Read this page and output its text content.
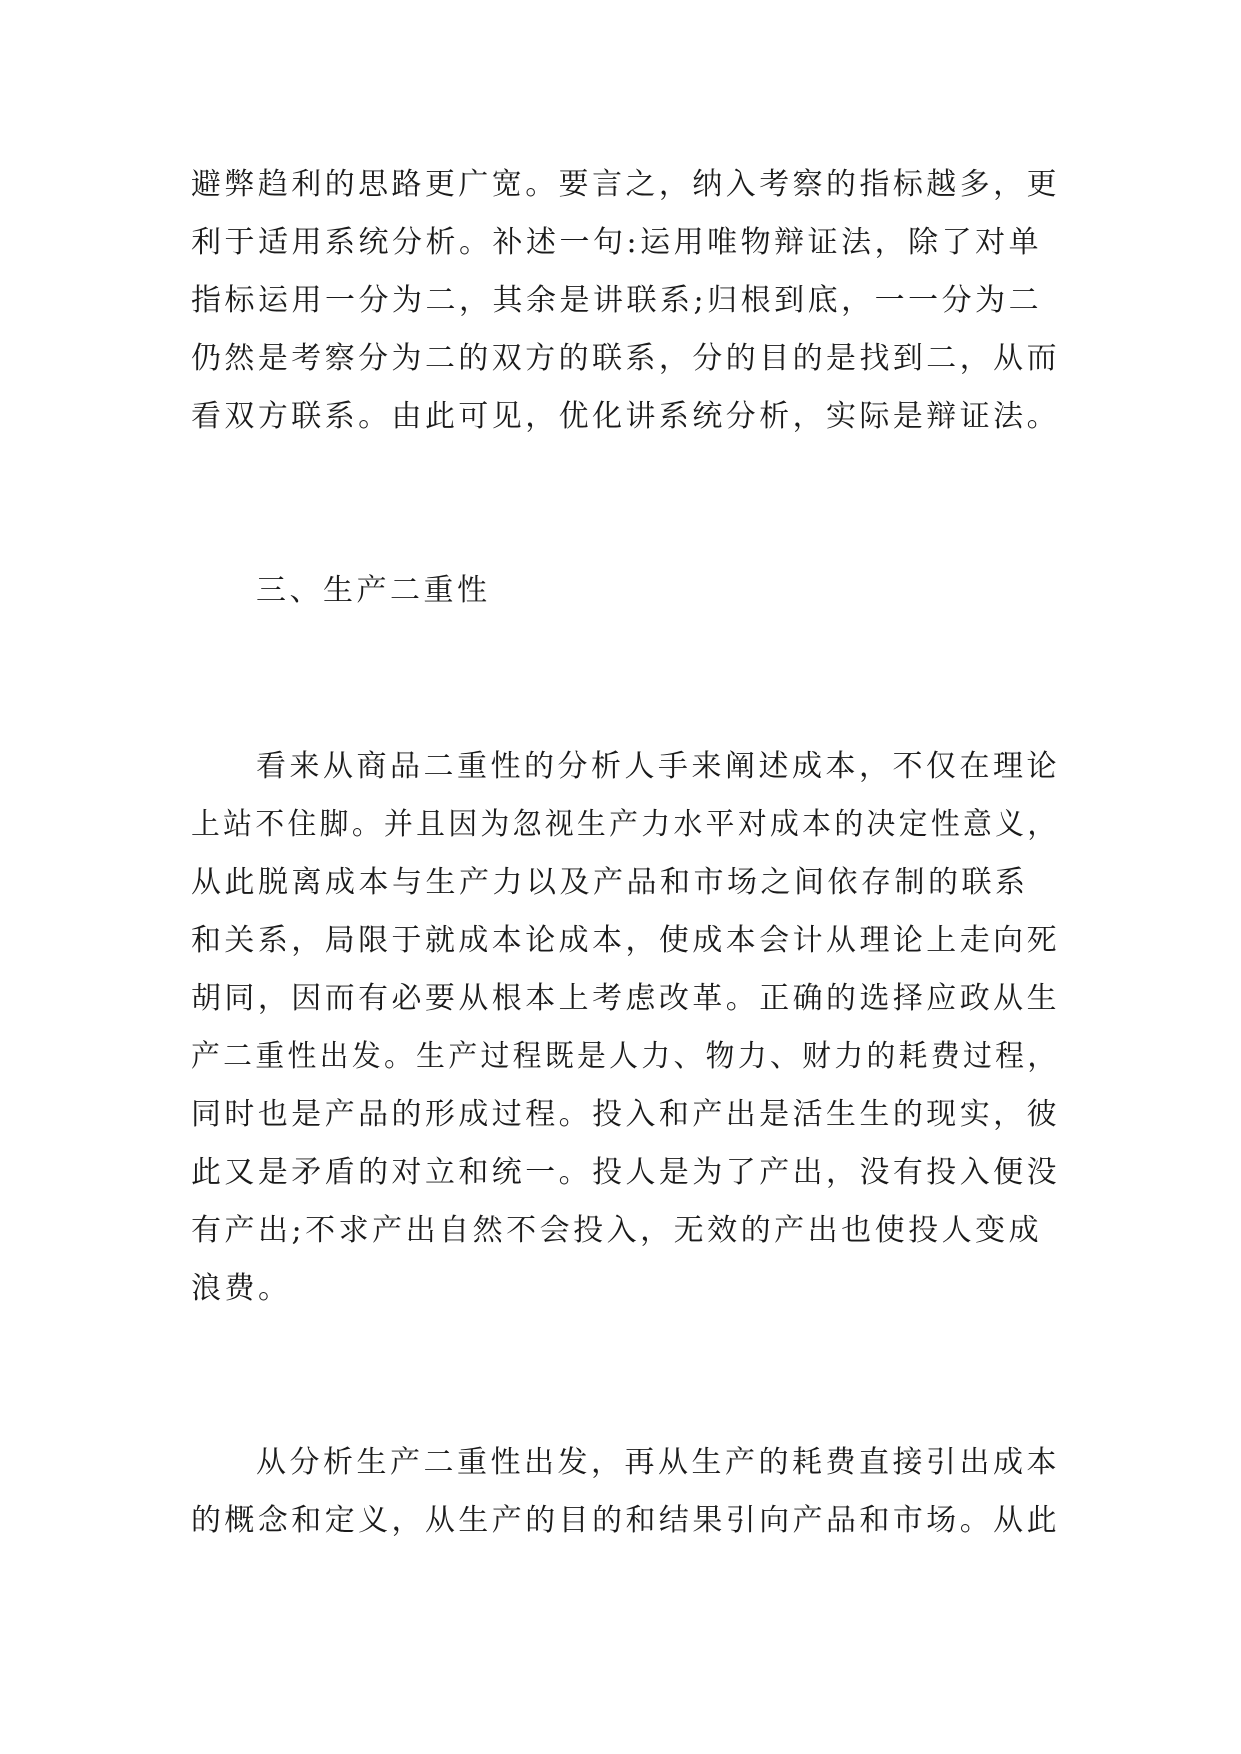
避弊趋利的思路更广宽。要言之，纳入考察的指标越多，更
利于适用系统分析。补述一句:运用唯物辩证法，除了对单
指标运用一分为二，其余是讲联系;归根到底，一一分为二
仍然是考察分为二的双方的联系，分的目的是找到二，从而
看双方联系。由此可见，优化讲系统分析，实际是辩证法。
三、生产二重性
看来从商品二重性的分析人手来阐述成本，不仅在理论
上站不住脚。并且因为忽视生产力水平对成本的决定性意义，
从此脱离成本与生产力以及产品和市场之间依存制的联系
和关系，局限于就成本论成本，使成本会计从理论上走向死
胡同，因而有必要从根本上考虑改革。正确的选择应政从生
产二重性出发。生产过程既是人力、物力、财力的耗费过程，
同时也是产品的形成过程。投入和产出是活生生的现实，彼
此又是矛盾的对立和统一。投人是为了产出，没有投入便没
有产出;不求产出自然不会投入，无效的产出也使投人变成
浪费。
从分析生产二重性出发，再从生产的耗费直接引出成本
的概念和定义，从生产的目的和结果引向产品和市场。从此
